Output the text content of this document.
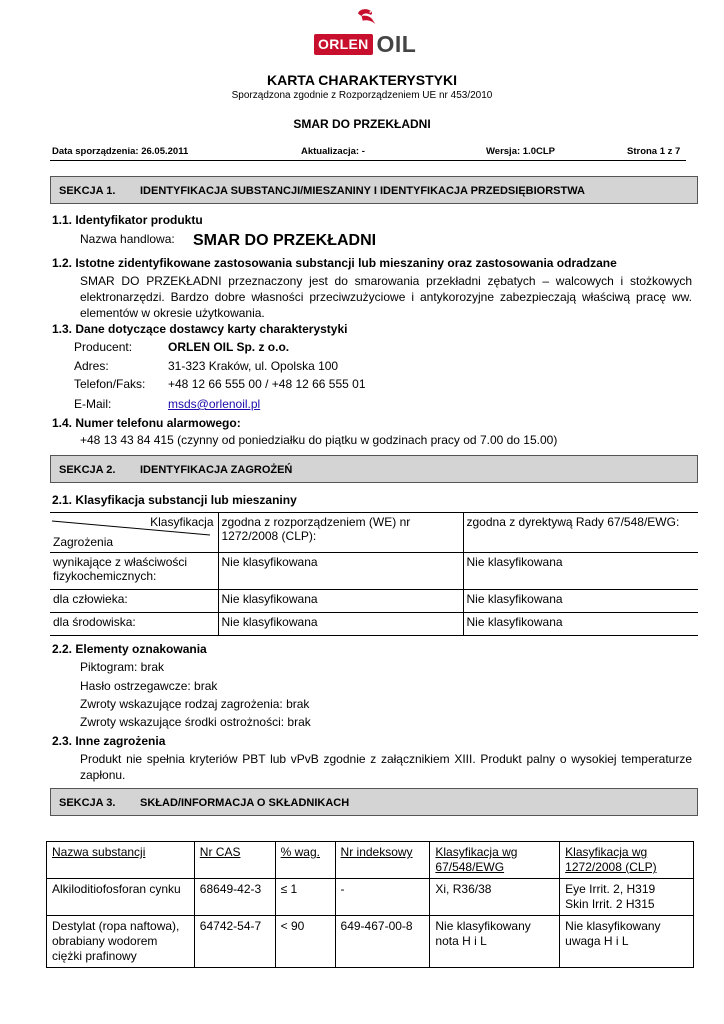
ORLEN OIL
KARTA CHARAKTERYSTYKI
Sporządzona zgodnie z Rozporządzeniem UE nr 453/2010
SMAR DO PRZEKŁADNI
Data sporządzenia: 26.05.2011	Aktualizacja: -	Wersja: 1.0CLP	Strona 1 z 7
SEKCJA 1. IDENTYFIKACJA SUBSTANCJI/MIESZANINY I IDENTYFIKACJA PRZEDSIĘBIORSTWA
1.1. Identyfikator produktu
Nazwa handlowa: SMAR DO PRZEKŁADNI
1.2. Istotne zidentyfikowane zastosowania substancji lub mieszaniny oraz zastosowania odradzane
SMAR DO PRZEKŁADNI przeznaczony jest do smarowania przekładni zębatych – walcowych i stożkowych elektronarzędzi. Bardzo dobre własności przeciwzużyciowe i antykorozyjne zabezpieczają właściwą pracę ww. elementów w okresie użytkowania.
1.3. Dane dotyczące dostawcy karty charakterystyki
Producent:	ORLEN OIL Sp. z o.o.
Adres:	31-323 Kraków, ul. Opolska 100
Telefon/Faks: +48 12 66 555 00 / +48 12 66 555 01
E-Mail:	msds@orlenoil.pl
1.4. Numer telefonu alarmowego:
+48 13 43 84 415 (czynny od poniedziałku do piątku w godzinach pracy od 7.00 do 15.00)
SEKCJA 2. IDENTYFIKACJA ZAGROŻEŃ
2.1. Klasyfikacja substancji lub mieszaniny
Klasyfikacja
Zagrożenia	zgodna z rozporządzeniem (WE) nr 1272/2008 (CLP):	zgodna z dyrektywą Rady 67/548/EWG:
wynikające z właściwości fizykochemicznych:	Nie klasyfikowana	Nie klasyfikowana
dla człowieka:	Nie klasyfikowana	Nie klasyfikowana
dla środowiska:	Nie klasyfikowana	Nie klasyfikowana
2.2. Elementy oznakowania
Piktogram: brak
Hasło ostrzegawcze: brak
Zwroty wskazujące rodzaj zagrożenia: brak
Zwroty wskazujące środki ostrożności: brak
2.3. Inne zagrożenia
Produkt nie spełnia kryteriów PBT lub vPvB zgodnie z załącznikiem XIII. Produkt palny o wysokiej temperaturze zapłonu.
SEKCJA 3. SKŁAD/INFORMACJA O SKŁADNIKACH
Nazwa substancji	Nr CAS	% wag.	Nr indeksowy	Klasyfikacja wg 67/548/EWG	Klasyfikacja wg 1272/2008 (CLP)
Alkiloditiofosforan cynku	68649-42-3	≤ 1	-	Xi, R36/38	Eye Irrit. 2, H319
Skin Irrit. 2 H315
Destylat (ropa naftowa), obrabiany wodorem ciężki prafinowy	64742-54-7	< 90	649-467-00-8	Nie klasyfikowany nota H i L	Nie klasyfikowany uwaga H i L
